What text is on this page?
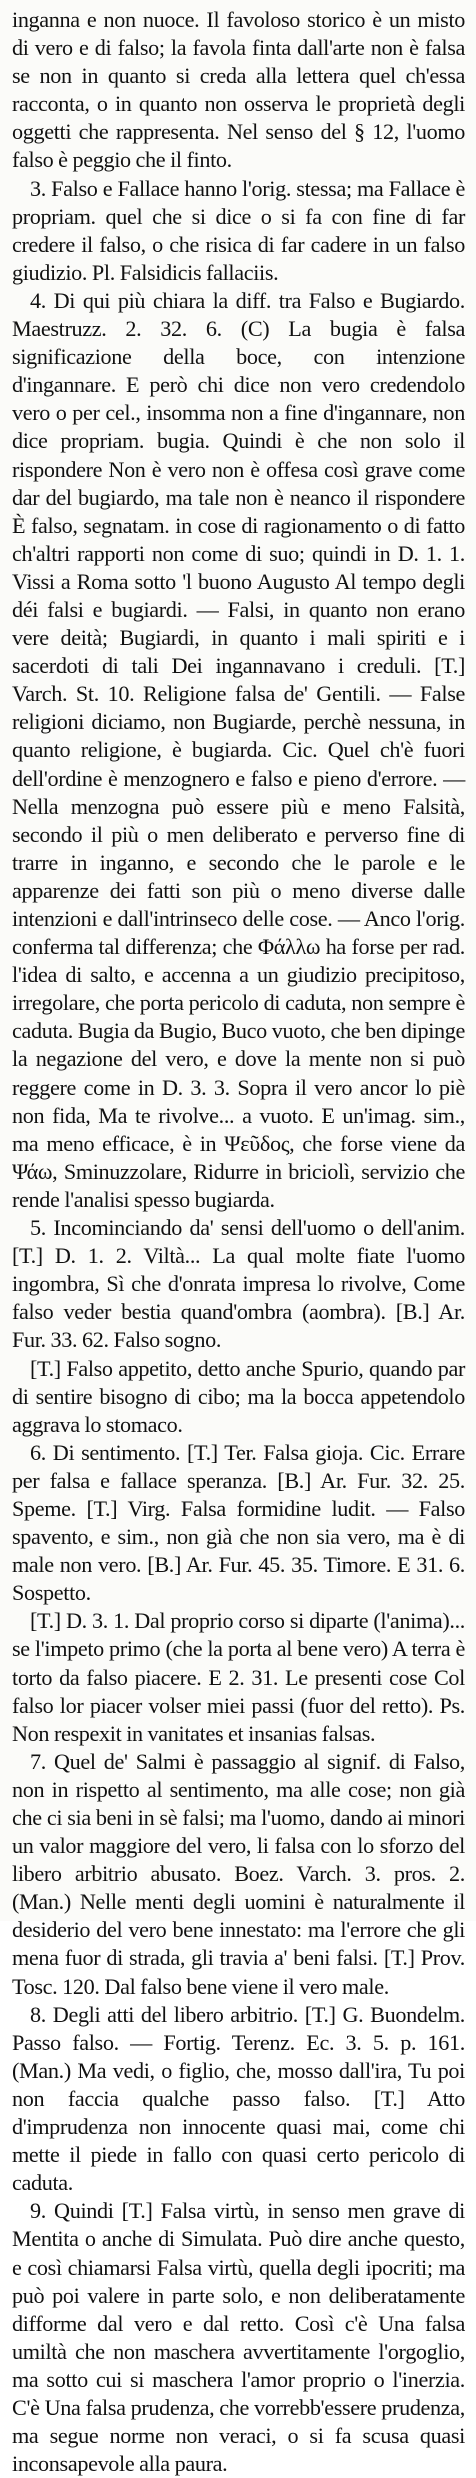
inganna e non nuoce. Il favoloso storico è un misto di vero e di falso; la favola finta dall'arte non è falsa se non in quanto si creda alla lettera quel ch'essa racconta, o in quanto non osserva le proprietà degli oggetti che rappresenta. Nel senso del § 12, l'uomo falso è peggio che il finto.

3. Falso e Fallace hanno l'orig. stessa; ma Fallace è propriam. quel che si dice o si fa con fine di far credere il falso, o che risica di far cadere in un falso giudizio. Pl. Falsidicis fallaciis.

4. Di qui più chiara la diff. tra Falso e Bugiardo. Maestruzz. 2. 32. 6. (C) La bugia è falsa significazione della boce, con intenzione d'ingannare. E però chi dice non vero credendolo vero o per cel., insomma non a fine d'ingannare, non dice propriam. bugia. Quindi è che non solo il rispondere Non è vero non è offesa così grave come dar del bugiardo, ma tale non è neanco il rispondere È falso, segnatam. in cose di ragionamento o di fatto ch'altri rapporti non come di suo; quindi in D. 1. 1. Vissi a Roma sotto 'l buono Augusto Al tempo degli déi falsi e bugiardi. — Falsi, in quanto non erano vere deità; Bugiardi, in quanto i mali spiriti e i sacerdoti di tali Dei ingannavano i creduli. [T.] Varch. St. 10. Religione falsa de' Gentili. — False religioni diciamo, non Bugiarde, perchè nessuna, in quanto religione, è bugiarda. Cic. Quel ch'è fuori dell'ordine è menzognero e falso e pieno d'errore. —Nella menzogna può essere più e meno Falsità, secondo il più o men deliberato e perverso fine di trarre in inganno, e secondo che le parole e le apparenze dei fatti son più o meno diverse dalle intenzioni e dall'intrinseco delle cose. — Anco l'orig. conferma tal differenza; che Φάλλω ha forse per rad. l'idea di salto, e accenna a un giudizio precipitoso, irregolare, che porta pericolo di caduta, non sempre è caduta. Bugia da Bugio, Buco vuoto, che ben dipinge la negazione del vero, e dove la mente non si può reggere come in D. 3. 3. Sopra il vero ancor lo piè non fida, Ma te rivolve... a vuoto. E un'imag. sim., ma meno efficace, è in Ψεῦδος, che forse viene da Ψάω, Sminuzzolare, Ridurre in briciolì, servizio che rende l'analisi spesso bugiarda.

5. Incominciando da' sensi dell'uomo o dell'anim. [T.] D. 1. 2. Viltà... La qual molte fiate l'uomo ingombra, Sì che d'onrata impresa lo rivolve, Come falso veder bestia quand'ombra (aombra). [B.] Ar. Fur. 33. 62. Falso sogno.

[T.] Falso appetito, detto anche Spurio, quando par di sentire bisogno di cibo; ma la bocca appetendolo aggrava lo stomaco.

6. Di sentimento. [T.] Ter. Falsa gioja. Cic. Errare per falsa e fallace speranza. [B.] Ar. Fur. 32. 25. Speme. [T.] Virg. Falsa formidine ludit. — Falso spavento, e sim., non già che non sia vero, ma è di male non vero. [B.] Ar. Fur. 45. 35. Timore. E 31. 6. Sospetto.

[T.] D. 3. 1. Dal proprio corso si diparte (l'anima)... se l'impeto primo (che la porta al bene vero) A terra è torto da falso piacere. E 2. 31. Le presenti cose Col falso lor piacer volser miei passi (fuor del retto). Ps. Non respexit in vanitates et insanias falsas.

7. Quel de' Salmi è passaggio al signif. di Falso, non in rispetto al sentimento, ma alle cose; non già che ci sia beni in sè falsi; ma l'uomo, dando ai minori un valor maggiore del vero, li falsa con lo sforzo del libero arbitrio abusato. Boez. Varch. 3. pros. 2. (Man.) Nelle menti degli uomini è naturalmente il desiderio del vero bene innestato: ma l'errore che gli mena fuor di strada, gli travia a' beni falsi. [T.] Prov. Tosc. 120. Dal falso bene viene il vero male.

8. Degli atti del libero arbitrio. [T.] G. Buondelm. Passo falso. — Fortig. Terenz. Ec. 3. 5. p. 161. (Man.) Ma vedi, o figlio, che, mosso dall'ira, Tu poi non faccia qualche passo falso. [T.] Atto d'imprudenza non innocente quasi mai, come chi mette il piede in fallo con quasi certo pericolo di caduta.

9. Quindi [T.] Falsa virtù, in senso men grave di Mentita o anche di Simulata. Può dire anche questo, e così chiamarsi Falsa virtù, quella degli ipocriti; ma può poi valere in parte solo, e non deliberatamente difforme dal vero e dal retto. Così c'è Una falsa umiltà che non maschera avvertitamente l'orgoglio, ma sotto cui si maschera l'amor proprio o l'inerzia. C'è Una falsa prudenza, che vorrebb'essere prudenza, ma segue norme non veraci, o si fa scusa quasi inconsapevole alla paura.
